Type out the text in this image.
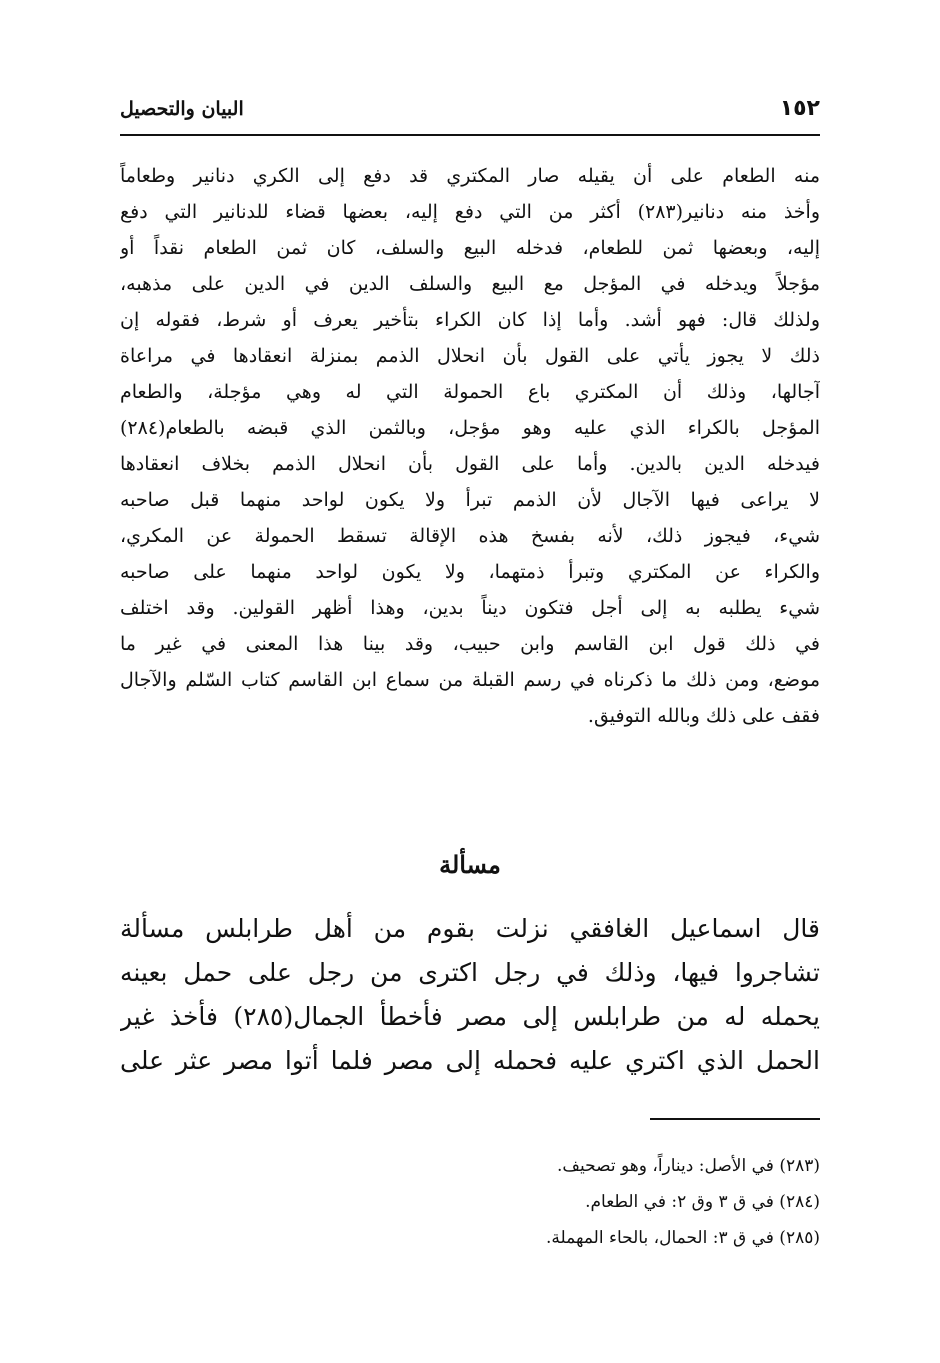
١٥٢
البيان والتحصيل
منه الطعام على أن يقيله صار المكتري قد دفع إلى الكري دنانير وطعاماً
وأخذ منه دنانير(٢٨٣) أكثر من التي دفع إليه، بعضها قضاء للدنانير التي دفع
إليه، وبعضها ثمن للطعام، فدخله البيع والسلف، كان ثمن الطعام نقداً أو
مؤجلاً ويدخله في المؤجل مع البيع والسلف الدين في الدين على مذهبه،
ولذلك قال: فهو أشد. وأما إذا كان الكراء بتأخير يعرف أو شرط، فقوله إن
ذلك لا يجوز يأتي على القول بأن انحلال الذمم بمنزلة انعقادها في مراعاة
آجالها، وذلك أن المكتري باع الحمولة التي له وهي مؤجلة، والطعام
المؤجل بالكراء الذي عليه وهو مؤجل، وبالثمن الذي قبضه بالطعام(٢٨٤)
فيدخله الدين بالدين. وأما على القول بأن انحلال الذمم بخلاف انعقادها
لا يراعى فيها الآجال لأن الذمم تبرأ ولا يكون لواحد منهما قبل صاحبه
شيء، فيجوز ذلك، لأنه بفسخ هذه الإقالة تسقط الحمولة عن المكري،
والكراء عن المكتري وتبرأ ذمتهما، ولا يكون لواحد منهما على صاحبه
شيء يطلبه به إلى أجل فتكون ديناً بدين، وهذا أظهر القولين. وقد اختلف
في ذلك قول ابن القاسم وابن حبيب، وقد بينا هذا المعنى في غير ما
موضع، ومن ذلك ما ذكرناه في رسم القبلة من سماع ابن القاسم كتاب السّلم والآجال
فقف على ذلك وبالله التوفيق.
مسألة
قال اسماعيل الغافقي نزلت بقوم من أهل طرابلس مسألة
تشاجروا فيها، وذلك في رجل اكترى من رجل على حمل بعينه
يحمله له من طرابلس إلى مصر فأخطأ الجمال(٢٨٥) فأخذ غير
الحمل الذي اكتري عليه فحمله إلى مصر فلما أتوا مصر عثر على
(٢٨٣) في الأصل: ديناراً، وهو تصحيف.
(٢٨٤) في ق ٣ وق ٢: في الطعام.
(٢٨٥) في ق ٣: الحمال، بالحاء المهملة.
